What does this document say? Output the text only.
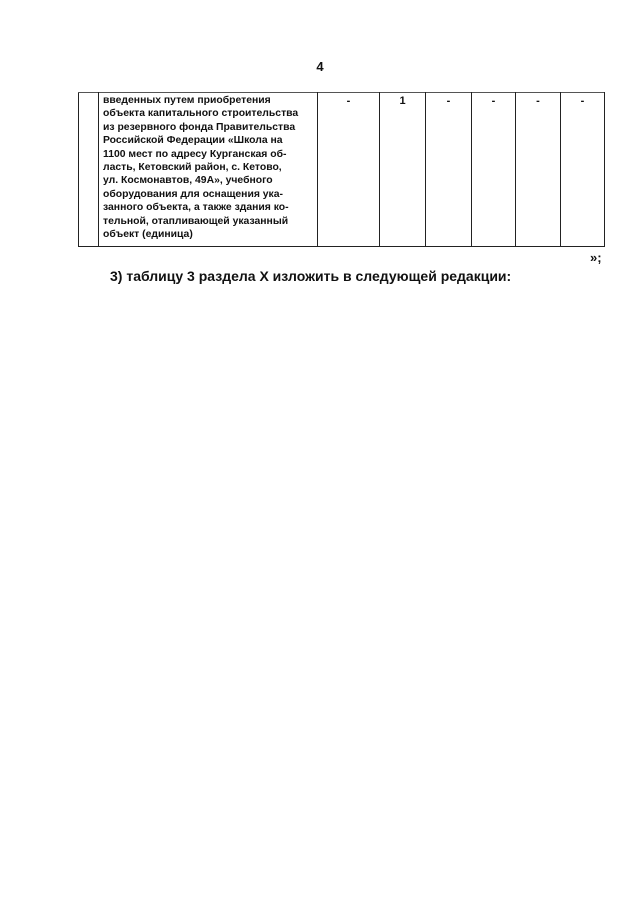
4

введенных путем приобретения
объекта капитального строительства
из резервного фонда Правительства
Российской Федерации «Школа на
1100 мест по адресу Курганская об-
ласть, Кетовский район, с. Кетово,
ул. Космонавтов, 49А», учебного
оборудования для оснащения ука-
занного объекта, а также здания ко-
тельной, отапливающей указанный
объект (единица)
	-	1	-	-	-	-
»;
3) таблицу 3 раздела X изложить в следующей редакции:
